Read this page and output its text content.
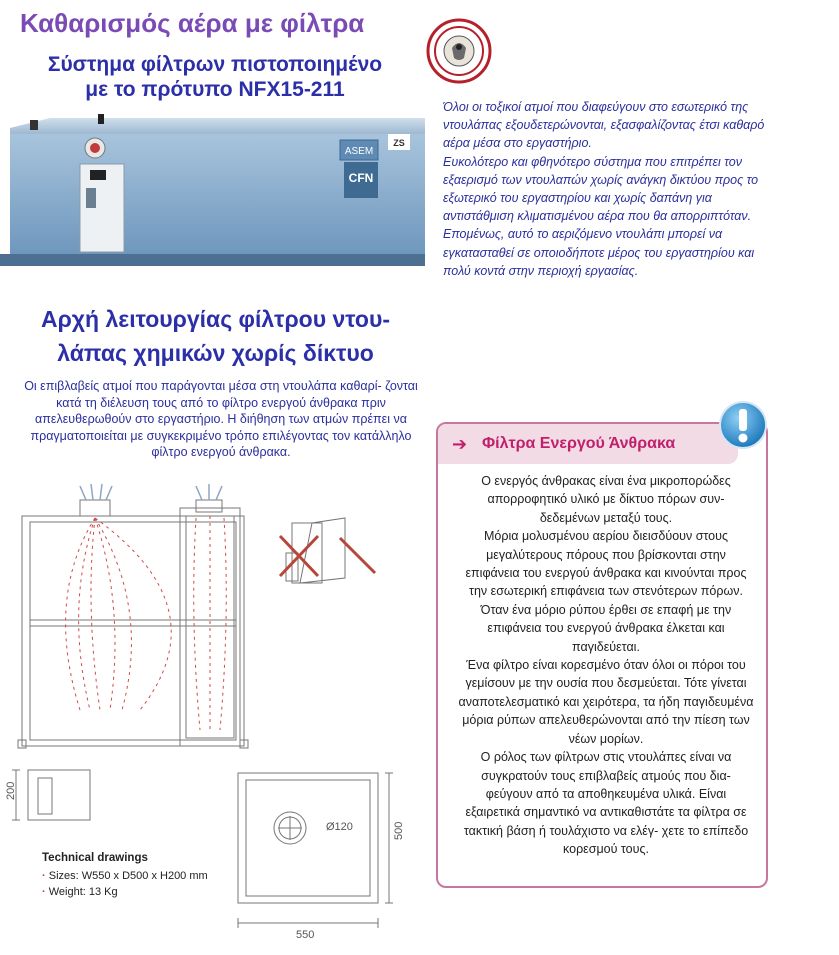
Καθαρισμός αέρα με φίλτρα
Σύστημα φίλτρων πιστοποιημένο
με το πρότυπο NFX15-211
ASEM
CFN
ZS

Όλοι οι τοξικοί ατμοί που διαφεύγουν στο εσωτερικό της ντουλάπας εξουδετερώνονται, εξασφαλίζοντας έτσι καθαρό αέρα μέσα στο εργαστήριο.

Ευκολότερο και φθηνότερο σύστημα που επιτρέπει τον εξαερισμό των ντουλαπών χωρίς ανάγκη δικτύου προς το εξωτερικό του εργαστηρίου και χωρίς δαπάνη για αντιστάθμιση κλιματισμένου αέρα που θα απορριπτόταν.

Επομένως, αυτό το αεριζόμενο ντουλάπι μπορεί να εγκατασταθεί σε οποιοδήποτε μέρος του εργαστηρίου και πολύ κοντά στην περιοχή εργασίας.

Αρχή λειτουργίας φίλτρου ντου-
λάπας χημικών χωρίς δίκτυο
Οι επιβλαβείς ατμοί που παράγονται μέσα στη ντουλάπα καθαρί- ζονται κατά τη διέλευση τους από το φίλτρο ενεργού άνθρακα πριν απελευθερωθούν στο εργαστήριο. Η διήθηση των ατμών πρέπει να πραγματοποιείται με συγκεκριμένο τρόπο επιλέγοντας τον κατάλληλο φίλτρο ενεργού άνθρακα.
Ø120
200
500
550
Technical drawings
· Sizes: W550 x D500 x H200 mm
· Weight: 13 Kg
➔ Φίλτρα Ενεργού Άνθρακα

Ο ενεργός άνθρακας είναι ένα μικροπορώδες απορροφητικό υλικό με δίκτυο πόρων συν- δεδεμένων μεταξύ τους.

Μόρια μολυσμένου αερίου διεισδύουν στους μεγαλύτερους πόρους που βρίσκονται στην επιφάνεια του ενεργού άνθρακα και κινούνται προς την εσωτερική επιφάνεια των στενότερων πόρων.

Όταν ένα μόριο ρύπου έρθει σε επαφή με την επιφάνεια του ενεργού άνθρακα έλκεται και παγιδεύεται.

Ένα φίλτρο είναι κορεσμένο όταν όλοι οι πόροι του γεμίσουν με την ουσία που δεσμεύεται. Τότε γίνεται αναποτελεσματικό και χειρότερα, τα ήδη παγιδευμένα μόρια ρύπων απελευθερώνονται από την πίεση των νέων μορίων.

Ο ρόλος των φίλτρων στις ντουλάπες είναι να συγκρατούν τους επιβλαβείς ατμούς που δια- φεύγουν από τα αποθηκευμένα υλικά. Είναι εξαιρετικά σημαντικό να αντικαθιστάτε τα φίλτρα σε τακτική βάση ή τουλάχιστο να ελέγ- χετε το επίπεδο κορεσμού τους.
